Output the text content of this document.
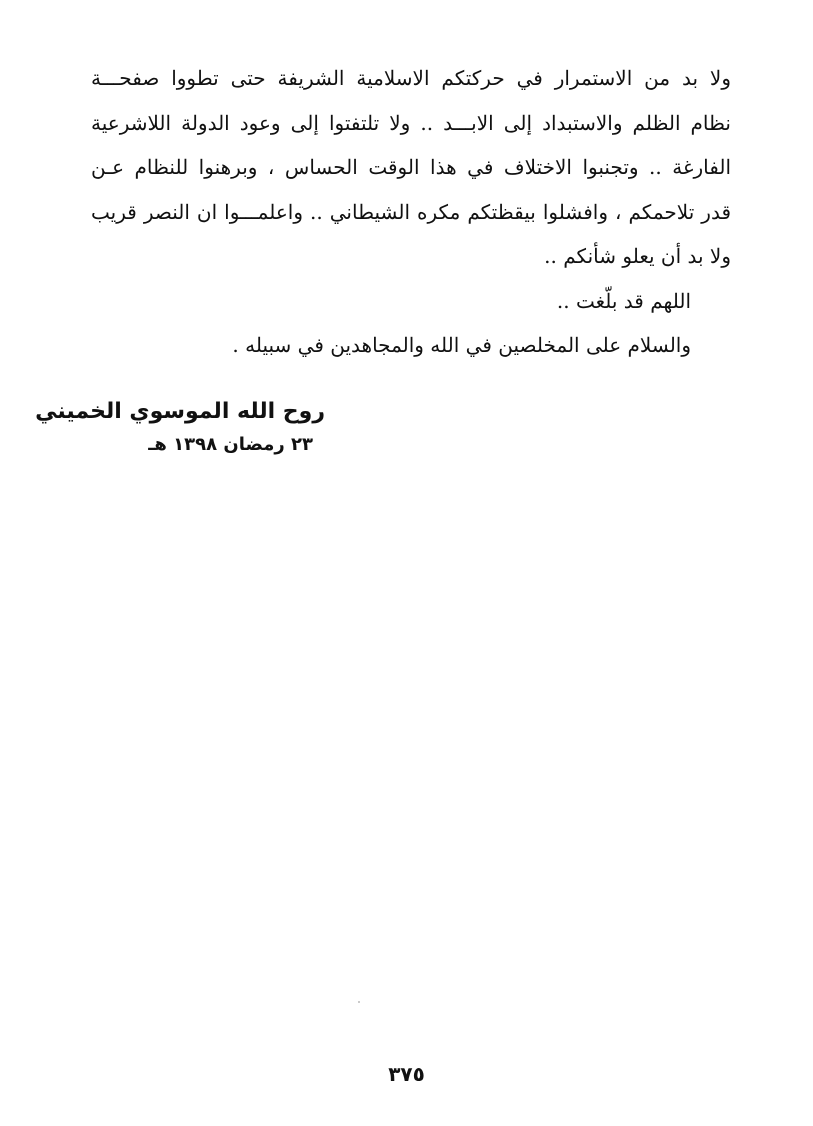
ولا بد من الاستمرار في حركتكم الاسلامية الشريفة حتى تطووا صفحـــة
نظام الظلم والاستبداد إلى الابـــد .. ولا تلتفتوا إلى وعود الدولة اللاشرعية
الفارغة .. وتجنبوا الاختلاف في هذا الوقت الحساس ، وبرهنوا للنظام عـن
قدر تلاحمكم ، وافشلوا بيقظتكم مكره الشيطاني .. واعلمـــوا ان النصر قريب
ولا بد أن يعلو شأنكم ..
اللهم قد بلّغت ..
والسلام على المخلصين في الله والمجاهدين في سبيله .
روح الله الموسوي الخميني
٢٣ رمضان ١٣٩٨ هـ
٣٧٥
